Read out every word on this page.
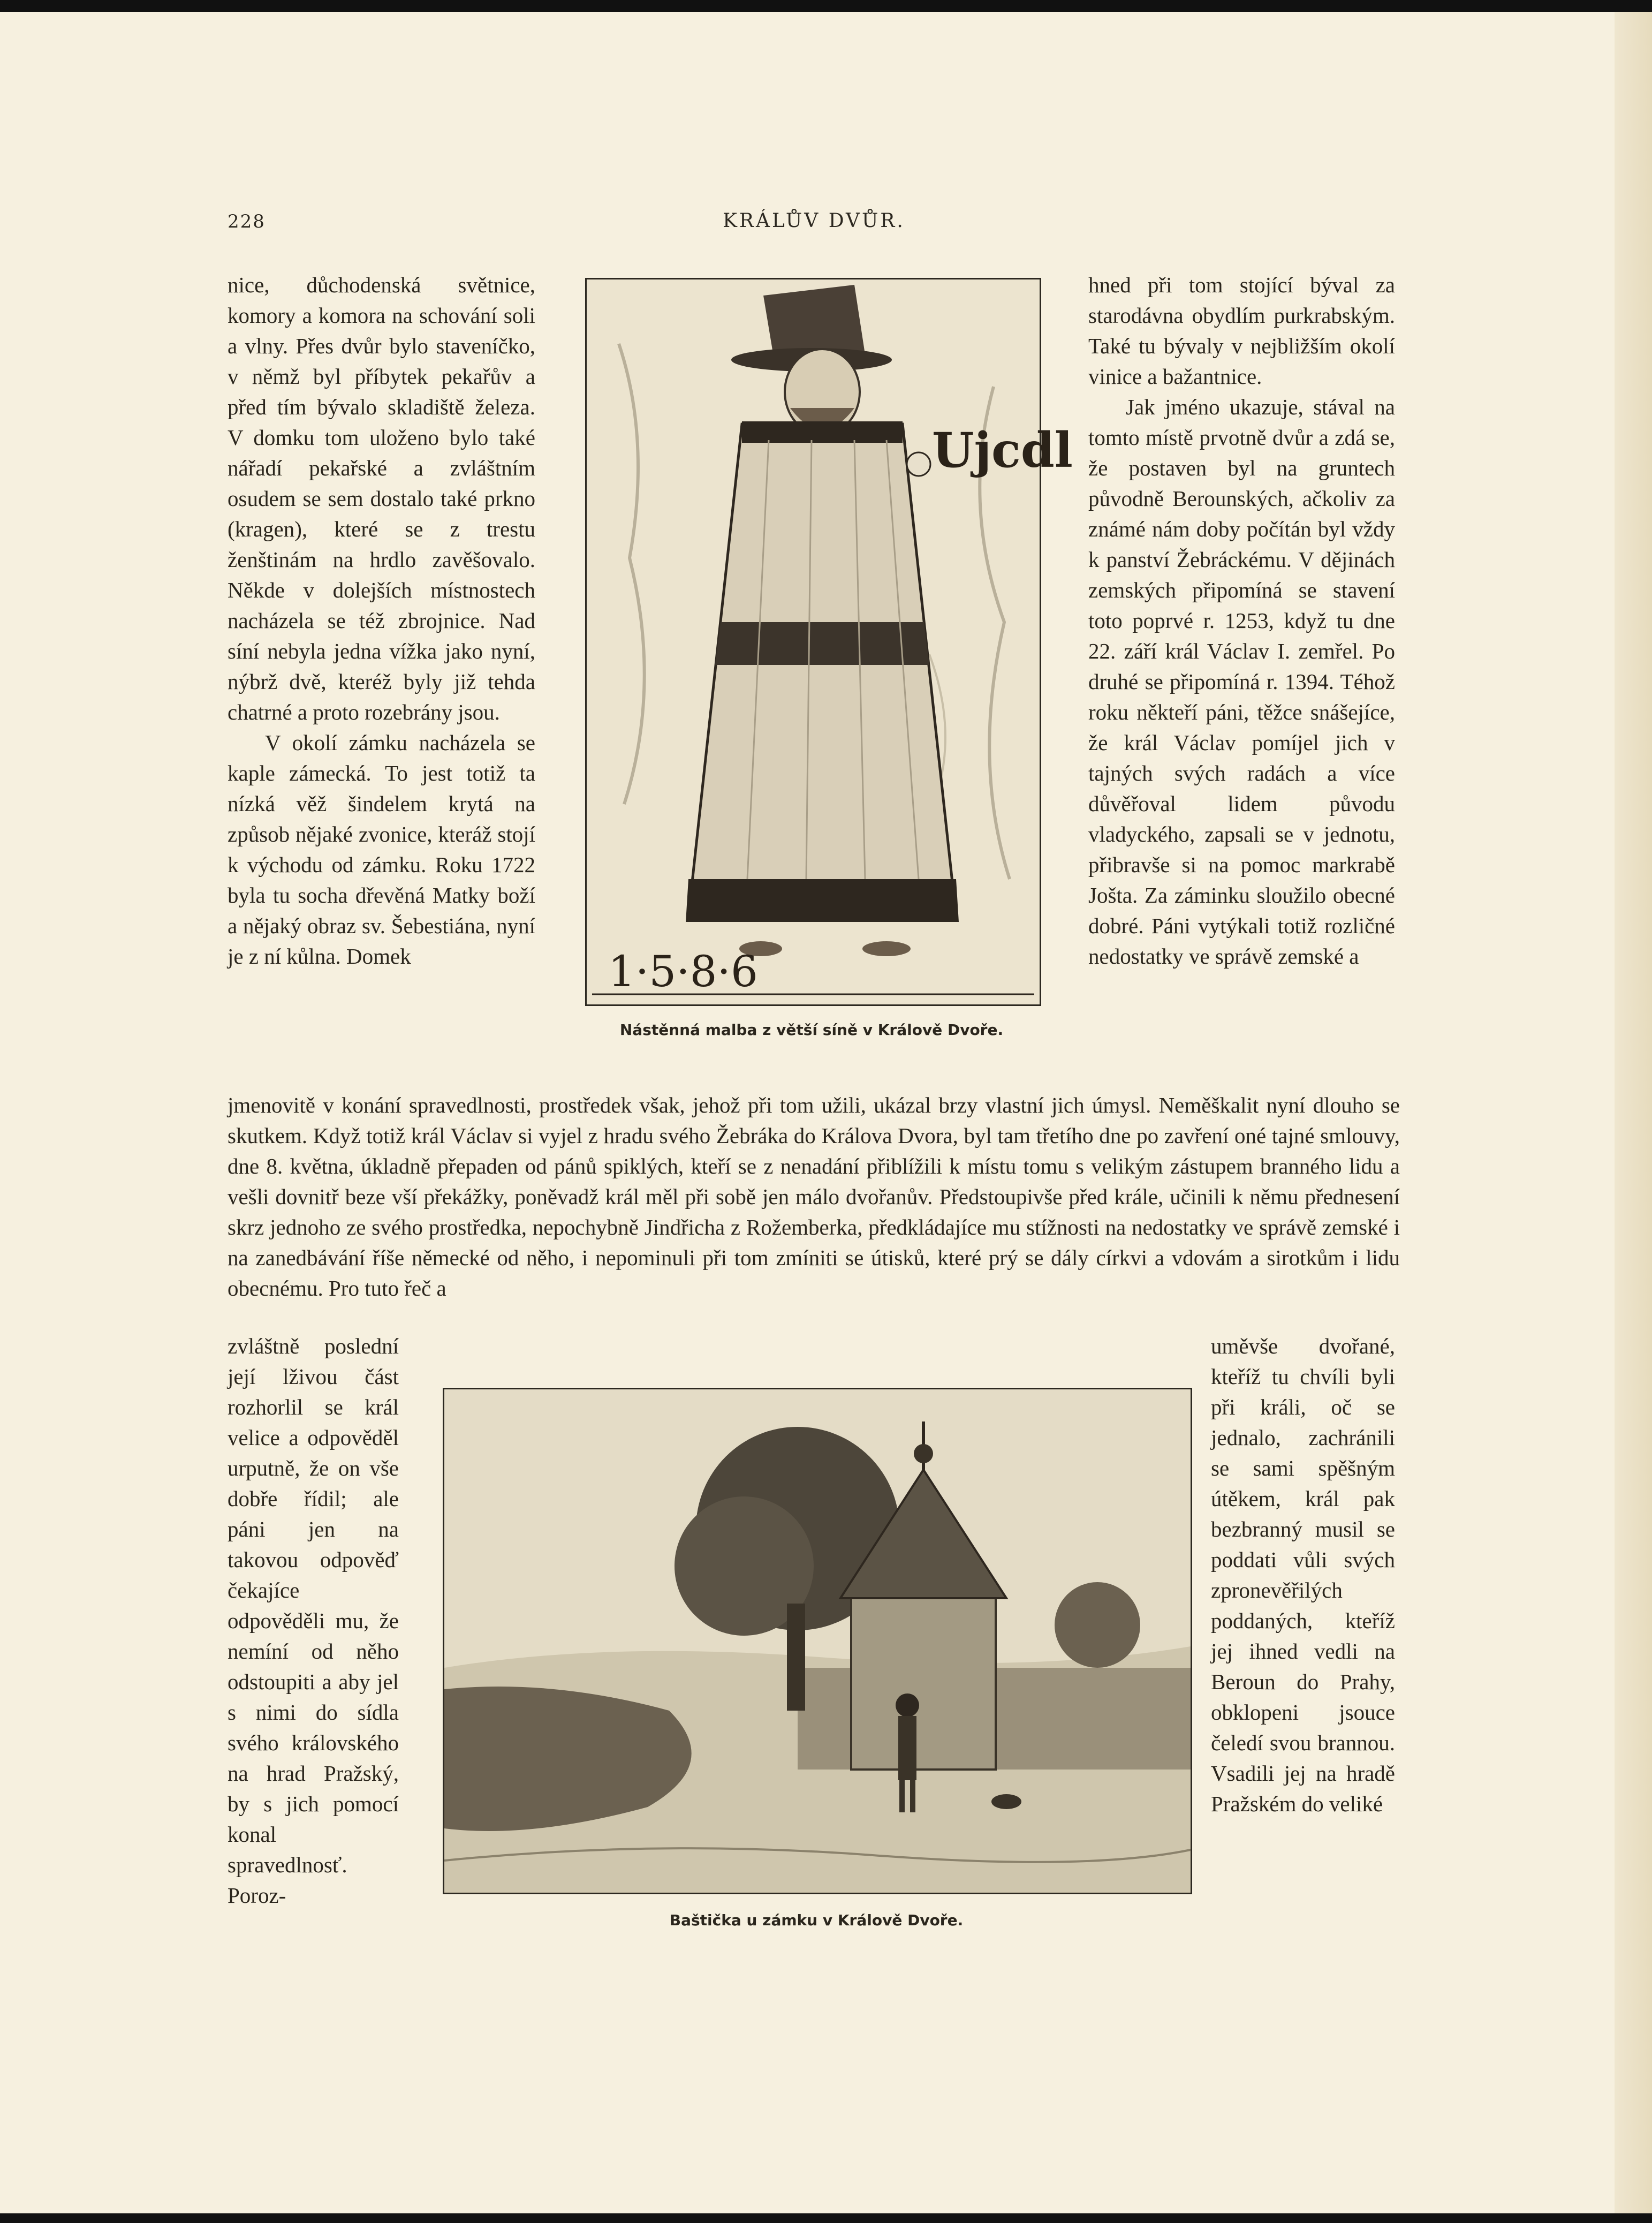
228	KRÁLŮV DVŮR.

nice, důchodenská světnice, komory a komora na schování soli a vlny. Přes dvůr bylo staveníčko, v němž byl příbytek pekařův a před tím bývalo skladiště železa. V domku tom uloženo bylo také nářadí pekařské a zvláštním osudem se sem dostalo také prkno (kragen), které se z trestu ženštinám na hrdlo zavěšovalo. Někde v dolejších místnostech nacházela se též zbrojnice. Nad síní nebyla jedna vížka jako nyní, nýbrž dvě, kteréž byly již tehda chatrné a proto rozebrány jsou.

V okolí zámku nacházela se kaple zámecká. To jest totiž ta nízká věž šindelem krytá na způsob nějaké zvonice, kteráž stojí k východu od zámku. Roku 1722 byla tu socha dřevěná Matky boží a nějaký obraz sv. Šebestiána, nyní je z ní kůlna. Domek

Ujcdl
1·5·8·6
Nástěnná malba z větší síně v Králově Dvoře.

hned při tom stojící býval za starodávna obydlím purkrabským. Také tu bývaly v nejbližším okolí vinice a bažantnice.

Jak jméno ukazuje, stával na tomto místě prvotně dvůr a zdá se, že postaven byl na gruntech původně Berounských, ačkoliv za známé nám doby počítán byl vždy k panství Žebráckému. V dějinách zemských připomíná se stavení toto poprvé r. 1253, když tu dne 22. září král Václav I. zemřel. Po druhé se připomíná r. 1394. Téhož roku někteří páni, těžce snášejíce, že král Václav pomíjel jich v tajných svých radách a více důvěřoval lidem původu vladyckého, zapsali se v jednotu, přibravše si na pomoc markrabě Jošta. Za záminku sloužilo obecné dobré. Páni vytýkali totiž rozličné nedostatky ve správě zemské a

jmenovitě v konání spravedlnosti, prostředek však, jehož při tom užili, ukázal brzy vlastní jich úmysl. Neměškalit nyní dlouho se skutkem. Když totiž král Václav si vyjel z hradu svého Žebráka do Králova Dvora, byl tam třetího dne po zavření oné tajné smlouvy, dne 8. května, úkladně přepaden od pánů spiklých, kteří se z nenadání přiblížili k místu tomu s velikým zástupem branného lidu a vešli dovnitř beze vší překážky, poněvadž král měl při sobě jen málo dvořanův. Předstoupivše před krále, učinili k němu přednesení skrz jednoho ze svého prostředka, nepochybně Jindřicha z Rožemberka, předkládajíce mu stížnosti na nedostatky ve správě zemské i na zanedbávání říše německé od něho, i nepominuli při tom zmíniti se útisků, které prý se dály církvi a vdovám a sirotkům i lidu obecnému. Pro tuto řeč a

zvláštně poslední její lživou část rozhorlil se král velice a odpověděl urputně, že on vše dobře řídil; ale páni jen na takovou odpověď čekajíce odpověděli mu, že nemíní od něho odstoupiti a aby jel s nimi do sídla svého královského na hrad Pražský, by s jich pomocí konal spravedlnosť. Poroz-

Baštička u zámku v Králově Dvoře.

uměvše dvořané, kteříž tu chvíli byli při králi, oč se jednalo, zachránili se sami spěšným útěkem, král pak bezbranný musil se poddati vůli svých zpronevěřilých poddaných, kteříž jej ihned vedli na Beroun do Prahy, obklopeni jsouce čeledí svou brannou. Vsadili jej na hradě Pražském do veliké
